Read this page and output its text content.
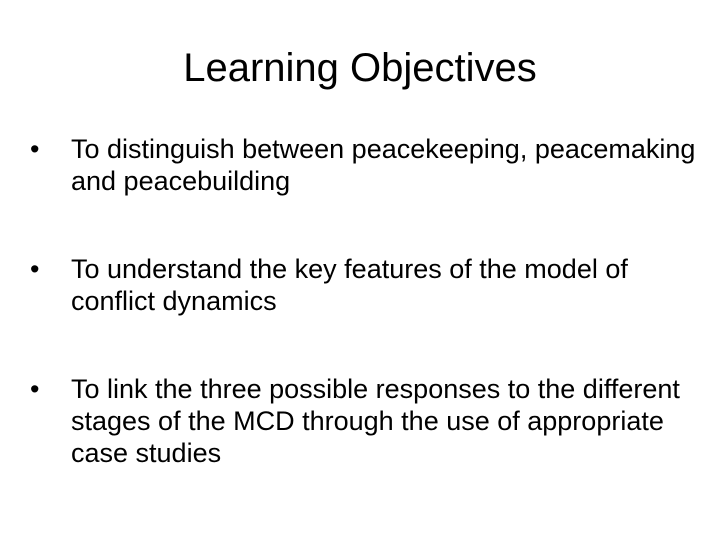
Learning Objectives
•	To distinguish between peacekeeping, peacemaking and peacebuilding
•	To understand the key features of the model of conflict dynamics
•	To link the three possible responses to the different stages of the MCD through the use of appropriate case studies
